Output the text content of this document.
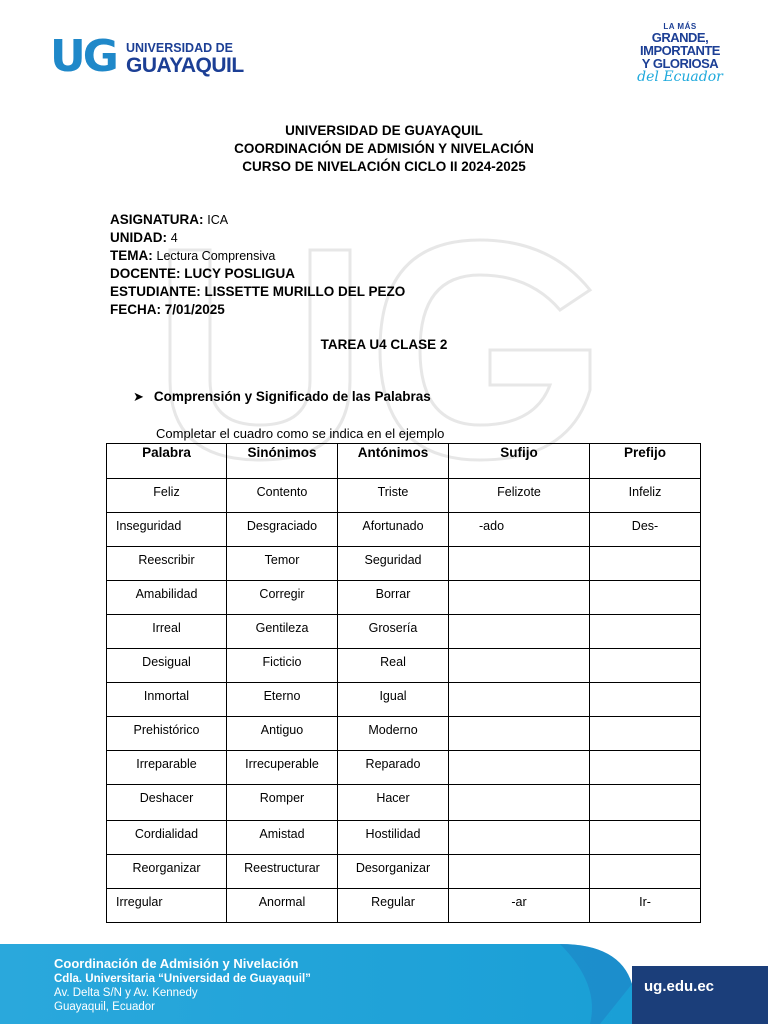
UG UNIVERSIDAD DE
GUAYAQUIL
LA MÁS
GRANDE,
IMPORTANTE
Y GLORIOSA
del Ecuador
UNIVERSIDAD DE GUAYAQUIL
COORDINACIÓN DE ADMISIÓN Y NIVELACIÓN
CURSO DE NIVELACIÓN CICLO II 2024-2025
ASIGNATURA: ICA
UNIDAD: 4
TEMA: Lectura Comprensiva
DOCENTE: LUCY POSLIGUA
ESTUDIANTE: LISSETTE MURILLO DEL PEZO
FECHA: 7/01/2025
TAREA U4 CLASE 2
➤ Comprensión y Significado de las Palabras
Completar el cuadro como se indica en el ejemplo
Palabra	Sinónimos	Antónimos	Sufijo	Prefijo
Feliz	Contento	Triste	Felizote	Infeliz
Inseguridad	Desgraciado	Afortunado	-ado	Des-
Reescribir	Temor	Seguridad		
Amabilidad	Corregir	Borrar		
Irreal	Gentileza	Grosería		
Desigual	Ficticio	Real		
Inmortal	Eterno	Igual		
Prehistórico	Antiguo	Moderno		
Irreparable	Irrecuperable	Reparado		
Deshacer	Romper	Hacer		
Cordialidad	Amistad	Hostilidad		
Reorganizar	Reestructurar	Desorganizar		
Irregular	Anormal	Regular	-ar	Ir-
Coordinación de Admisión y Nivelación
Cdla. Universitaria “Universidad de Guayaquil”
Av. Delta S/N y Av. Kennedy
Guayaquil, Ecuador
ug.edu.ec
